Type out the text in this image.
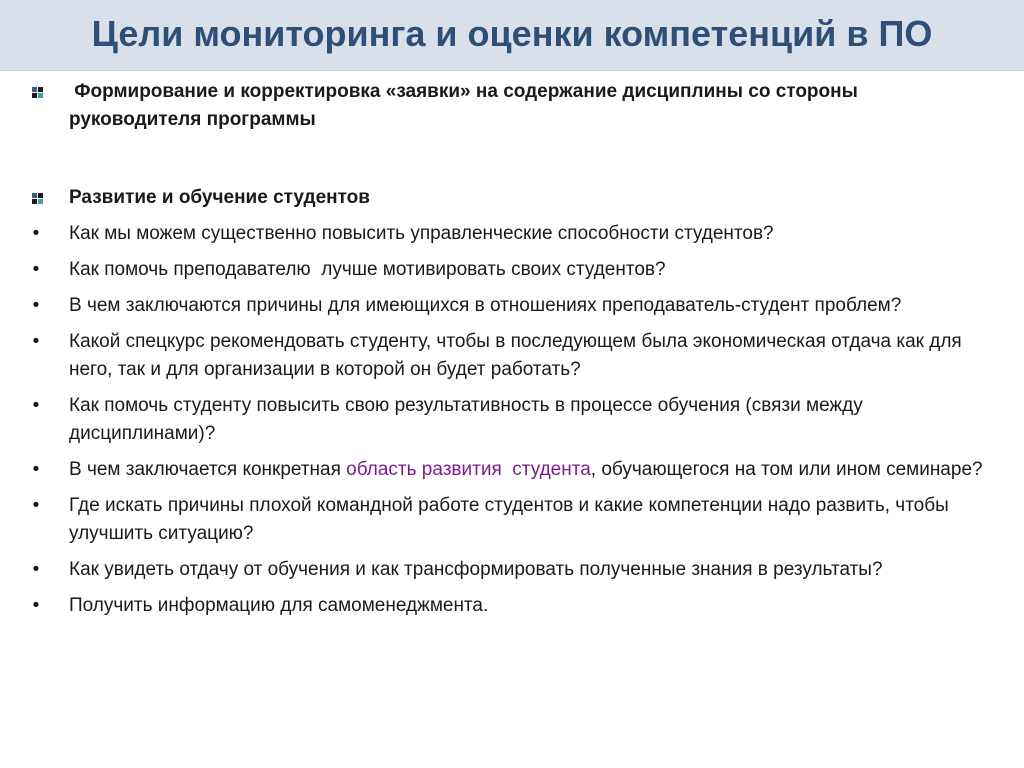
Цели мониторинга и оценки компетенций в ПО
Формирование и корректировка «заявки» на содержание дисциплины со стороны руководителя программы
Развитие и обучение студентов
• Как мы можем существенно повысить управленческие способности студентов?
• Как помочь преподавателю  лучше мотивировать своих студентов?
• В чем заключаются причины для имеющихся в отношениях преподаватель-студент проблем?
• Какой спецкурс рекомендовать студенту, чтобы в последующем была экономическая отдача как для него, так и для организации в которой он будет работать?
• Как помочь студенту повысить свою результативность в процессе обучения (связи между дисциплинами)?
• В чем заключается конкретная область развития  студента, обучающегося на том или ином семинаре?
• Где искать причины плохой командной работе студентов и какие компетенции надо развить, чтобы улучшить ситуацию?
• Как увидеть отдачу от обучения и как трансформировать полученные знания в результаты?
• Получить информацию для самоменеджмента.
